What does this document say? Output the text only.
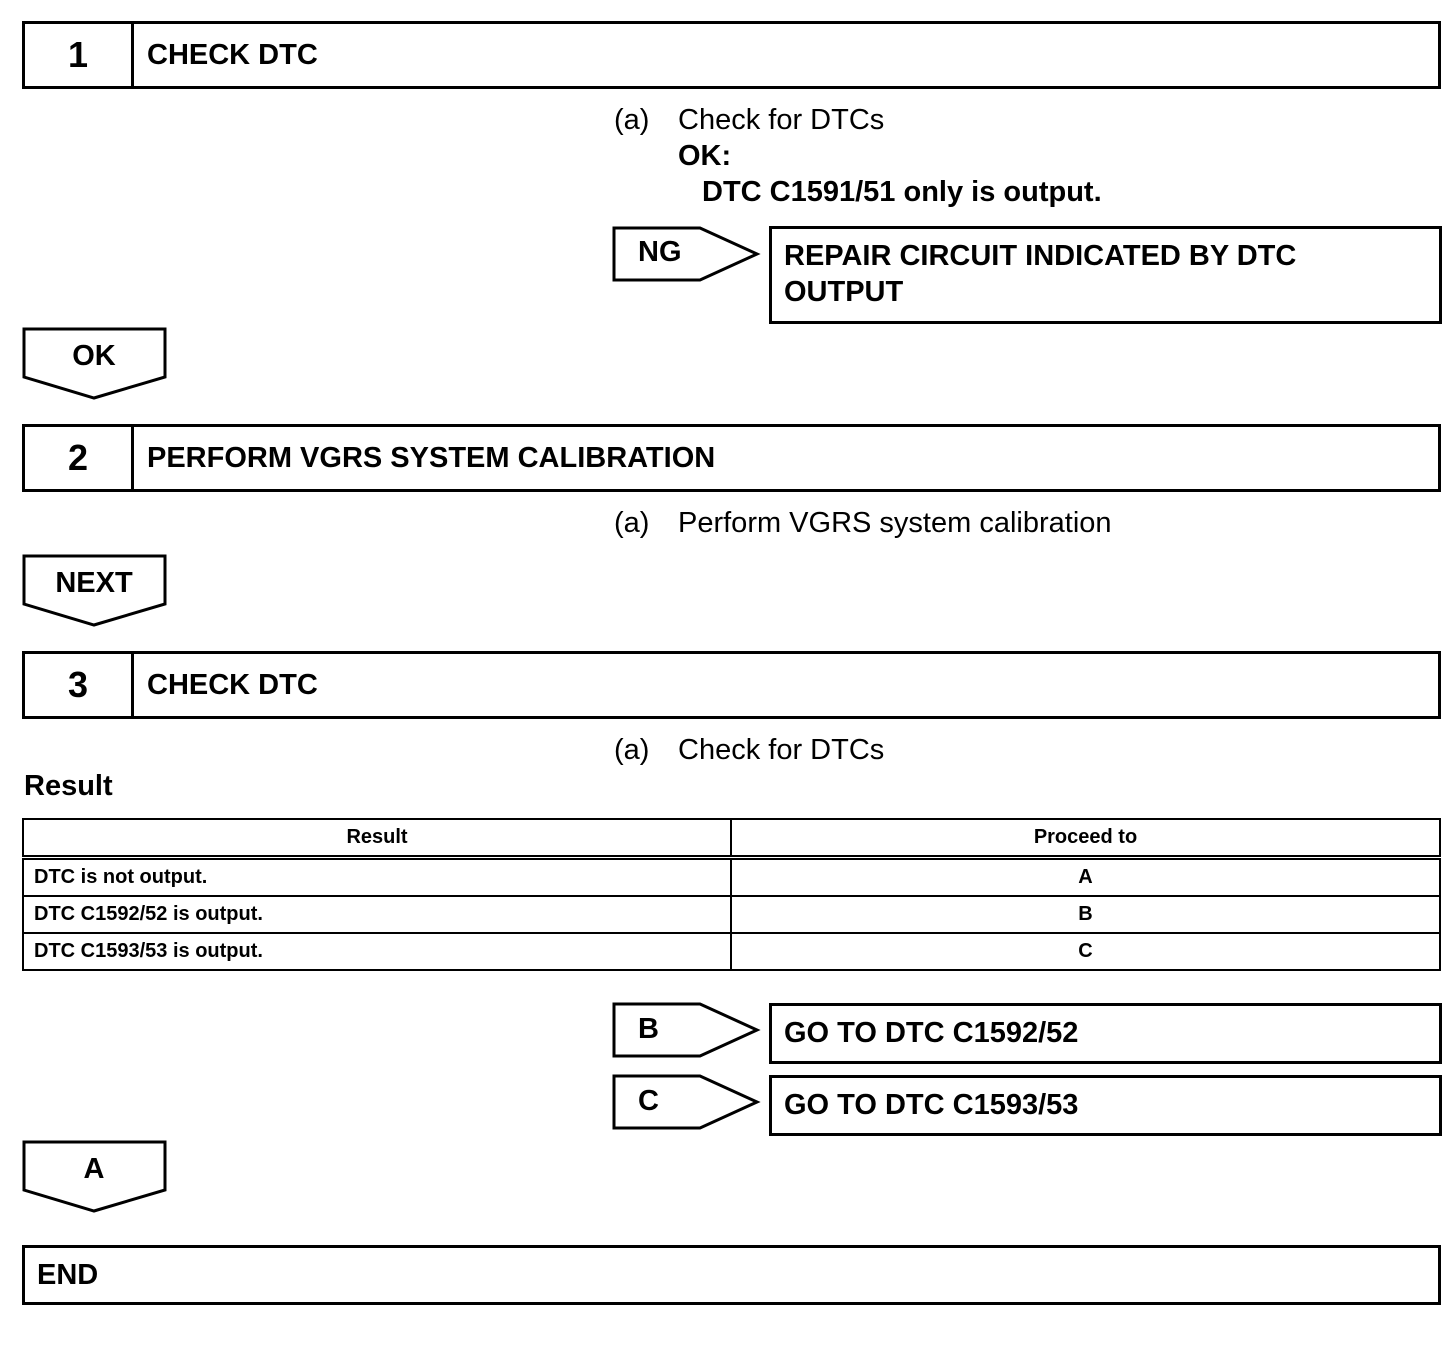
1	CHECK DTC
(a) Check for DTCs
OK:
DTC C1591/51 only is output.
NG	REPAIR CIRCUIT INDICATED BY DTC
OUTPUT
OK
2	PERFORM VGRS SYSTEM CALIBRATION
(a) Perform VGRS system calibration
NEXT
3	CHECK DTC
(a) Check for DTCs
Result
Result	Proceed to
DTC is not output.	A
DTC C1592/52 is output.	B
DTC C1593/53 is output.	C
B	GO TO DTC C1592/52
C	GO TO DTC C1593/53
A
END
